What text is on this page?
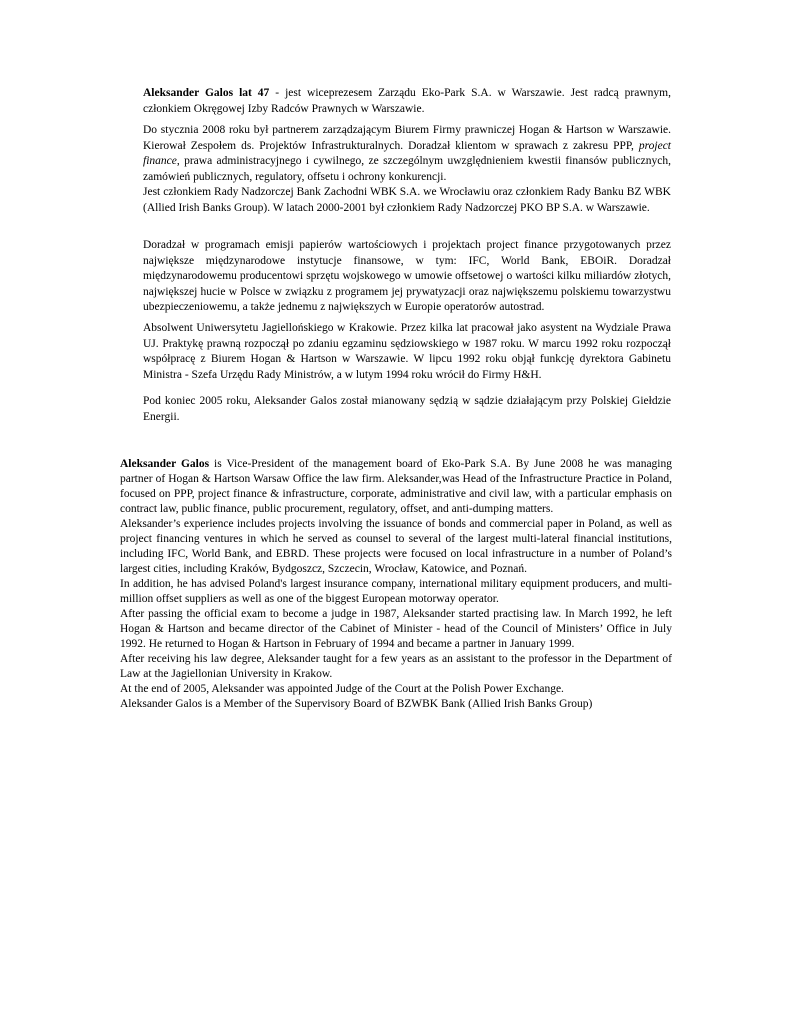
Aleksander Galos lat 47 - jest wiceprezesem Zarządu Eko-Park S.A. w Warszawie. Jest radcą prawnym, członkiem Okręgowej Izby Radców Prawnych w Warszawie.

Do stycznia 2008 roku był partnerem zarządzającym Biurem Firmy prawniczej Hogan & Hartson w Warszawie. Kierował Zespołem ds. Projektów Infrastrukturalnych. Doradzał klientom w sprawach z zakresu PPP, project finance, prawa administracyjnego i cywilnego, ze szczególnym uwzględnieniem kwestii finansów publicznych, zamówień publicznych, regulatory, offsetu i ochrony konkurencji.

Jest członkiem Rady Nadzorczej Bank Zachodni WBK S.A. we Wrocławiu oraz członkiem Rady Banku BZ WBK (Allied Irish Banks Group). W latach 2000-2001 był członkiem Rady Nadzorczej PKO BP S.A. w Warszawie.

Doradzał w programach emisji papierów wartościowych i projektach project finance przygotowanych przez największe międzynarodowe instytucje finansowe, w tym: IFC, World Bank, EBOiR. Doradzał międzynarodowemu producentowi sprzętu wojskowego w umowie offsetowej o wartości kilku miliardów złotych, największej hucie w Polsce w związku z programem jej prywatyzacji oraz największemu polskiemu towarzystwu ubezpieczeniowemu, a także jednemu z największych w Europie operatorów autostrad.

Absolwent Uniwersytetu Jagiellońskiego w Krakowie. Przez kilka lat pracował jako asystent na Wydziale Prawa UJ. Praktykę prawną rozpoczął po zdaniu egzaminu sędziowskiego w 1987 roku. W marcu 1992 roku rozpoczął współpracę z Biurem Hogan & Hartson w Warszawie. W lipcu 1992 roku objął funkcję dyrektora Gabinetu Ministra - Szefa Urzędu Rady Ministrów, a w lutym 1994 roku wrócił do Firmy H&H.

Pod koniec 2005 roku, Aleksander Galos został mianowany sędzią w sądzie działającym przy Polskiej Giełdzie Energii.

Aleksander Galos is Vice-President of the management board of Eko-Park S.A. By June 2008 he was managing partner of Hogan & Hartson Warsaw Office the law firm. Aleksander,was Head of the Infrastructure Practice in Poland, focused on PPP, project finance & infrastructure, corporate, administrative and civil law, with a particular emphasis on contract law, public finance, public procurement, regulatory, offset, and anti-dumping matters.

Aleksander’s experience includes projects involving the issuance of bonds and commercial paper in Poland, as well as project financing ventures in which he served as counsel to several of the largest multi-lateral financial institutions, including IFC, World Bank, and EBRD. These projects were focused on local infrastructure in a number of Poland’s largest cities, including Kraków, Bydgoszcz, Szczecin, Wrocław, Katowice, and Poznań.

In addition, he has advised Poland's largest insurance company, international military equipment producers, and multi-million offset suppliers as well as one of the biggest European motorway operator.

After passing the official exam to become a judge in 1987, Aleksander started practising law. In March 1992, he left Hogan & Hartson and became director of the Cabinet of Minister - head of the Council of Ministers’ Office in July 1992. He returned to Hogan & Hartson in February of 1994 and became a partner in January 1999.

After receiving his law degree, Aleksander taught for a few years as an assistant to the professor in the Department of Law at the Jagiellonian University in Krakow.

At the end of 2005, Aleksander was appointed Judge of the Court at the Polish Power Exchange.

Aleksander Galos is a Member of the Supervisory Board of BZWBK Bank (Allied Irish Banks Group)
